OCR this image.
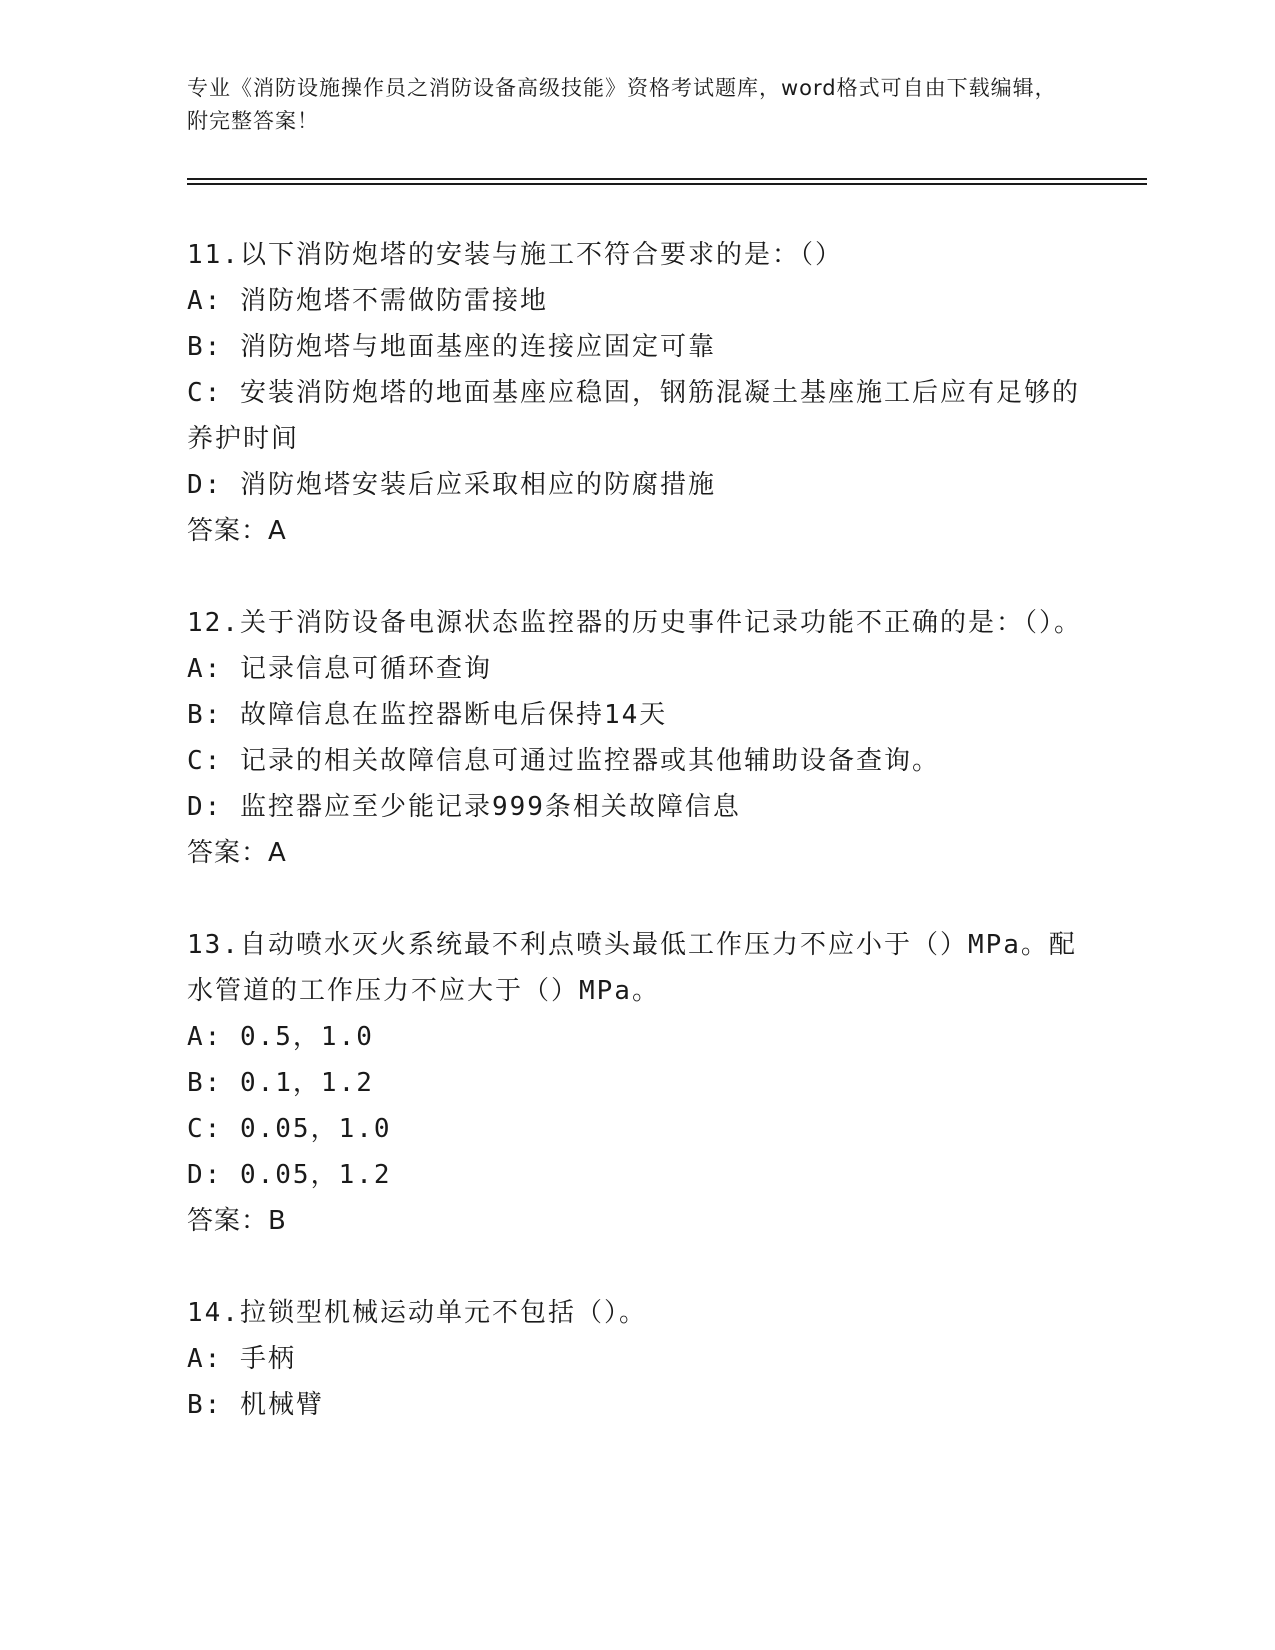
专业《消防设施操作员之消防设备高级技能》资格考试题库，word格式可自由下载编辑，附完整答案！
11.以下消防炮塔的安装与施工不符合要求的是：（）
A: 消防炮塔不需做防雷接地
B: 消防炮塔与地面基座的连接应固定可靠
C: 安装消防炮塔的地面基座应稳固，钢筋混凝土基座施工后应有足够的养护时间
D: 消防炮塔安装后应采取相应的防腐措施
答案：A
12.关于消防设备电源状态监控器的历史事件记录功能不正确的是：（）。
A: 记录信息可循环查询
B: 故障信息在监控器断电后保持14天
C: 记录的相关故障信息可通过监控器或其他辅助设备查询。
D: 监控器应至少能记录999条相关故障信息
答案：A
13.自动喷水灭火系统最不利点喷头最低工作压力不应小于（）MPa。配水管道的工作压力不应大于（）MPa。
A: 0.5，1.0
B: 0.1，1.2
C: 0.05，1.0
D: 0.05，1.2
答案：B
14.拉锁型机械运动单元不包括（）。
A: 手柄
B: 机械臂
